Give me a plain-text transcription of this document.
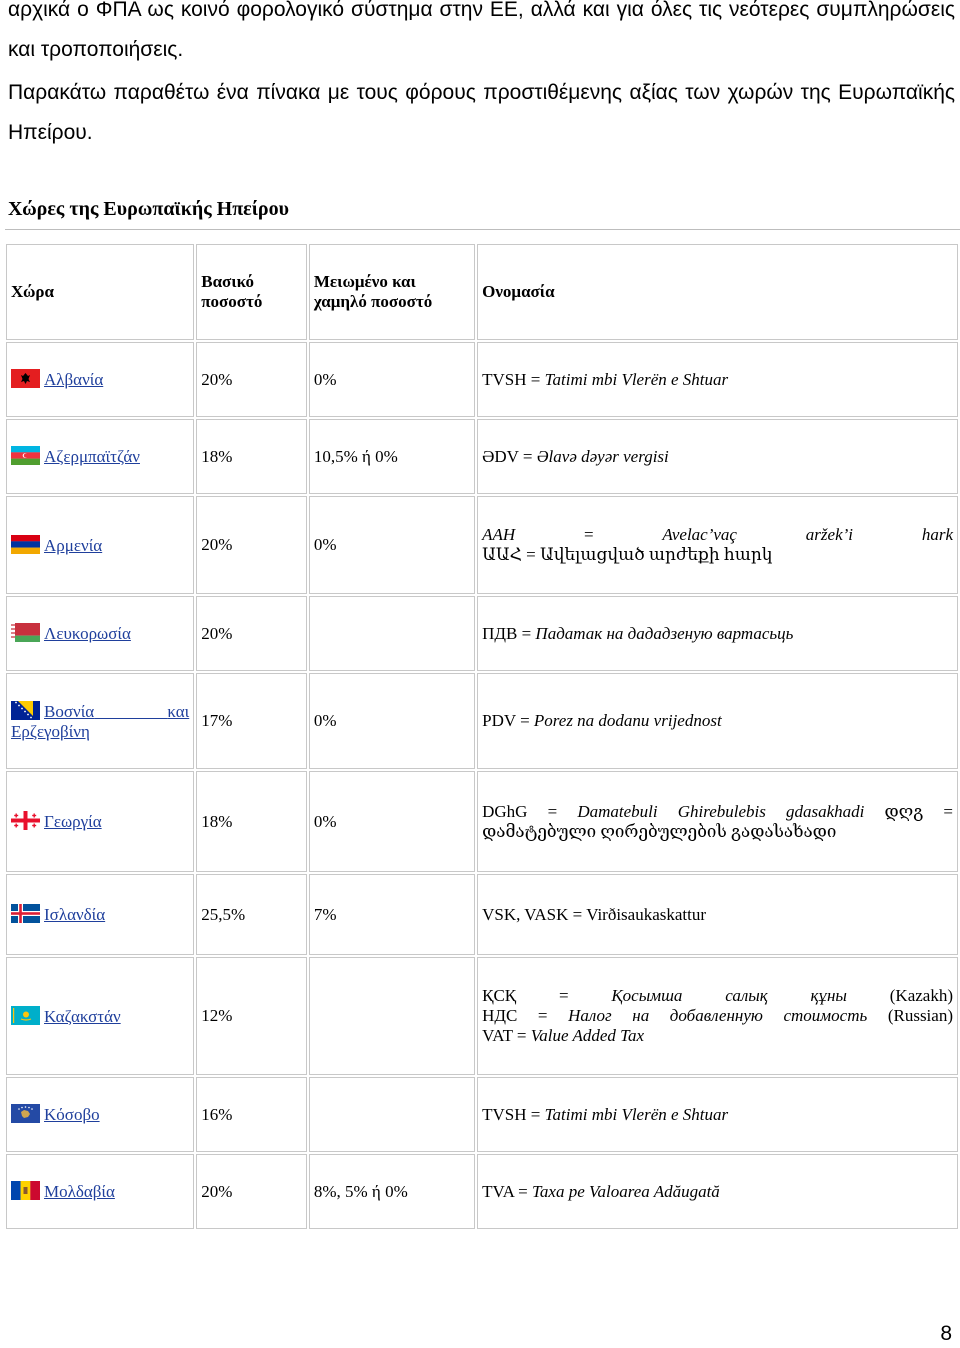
αρχικά ο ΦΠΑ ως κοινό φορολογικό σύστημα στην ΕΕ, αλλά και για όλες τις νεότερες συμπληρώσεις και τροποποιήσεις.
Παρακάτω παραθέτω ένα πίνακα με τους φόρους προστιθέμενης αξίας των χωρών της Ευρωπαϊκής Ηπείρου.
Χώρες της Ευρωπαϊκής Ηπείρου
Χώρα	Βασικό ποσοστό	Μειωμένο και χαμηλό ποσοστό	Ονομασία

Αλβανία	20%	0%	TVSH = Tatimi mbi Vlerën e Shtuar

Αζερμπαϊτζάν	18%	10,5% ή 0%	ƏDV = Əlavə dəyər vergisi

Αρμενία	20%	0%	AAH = Avelac’vaç aržek’i hark
ԱԱՀ = Ավելացված արժեքի հարկ

Λευκορωσία	20%		ПДВ = Падатак на дададзеную вартасьць

Βοσνία και
Ερζεγοβίνη	17%	0%	PDV = Porez na dodanu vrijednost

Γεωργία	18%	0%	DGhG = Damatebuli Ghirebulebis gdasakhadi დღგ =
დამატებული ღირებულების გადასახადი

Ισλανδία	25,5%	7%	VSK, VASK = Virðisaukaskattur

Καζακστάν	12%		ҚСҚ = Қосымша салық құны (Kazakh)
НДС = Налог на добавленную стоимость (Russian)
VAT = Value Added Tax

Κόσοβο	16%		TVSH = Tatimi mbi Vlerën e Shtuar

Μολδαβία	20%	8%, 5% ή 0%	TVA = Taxa pe Valoarea Adăugată
8
